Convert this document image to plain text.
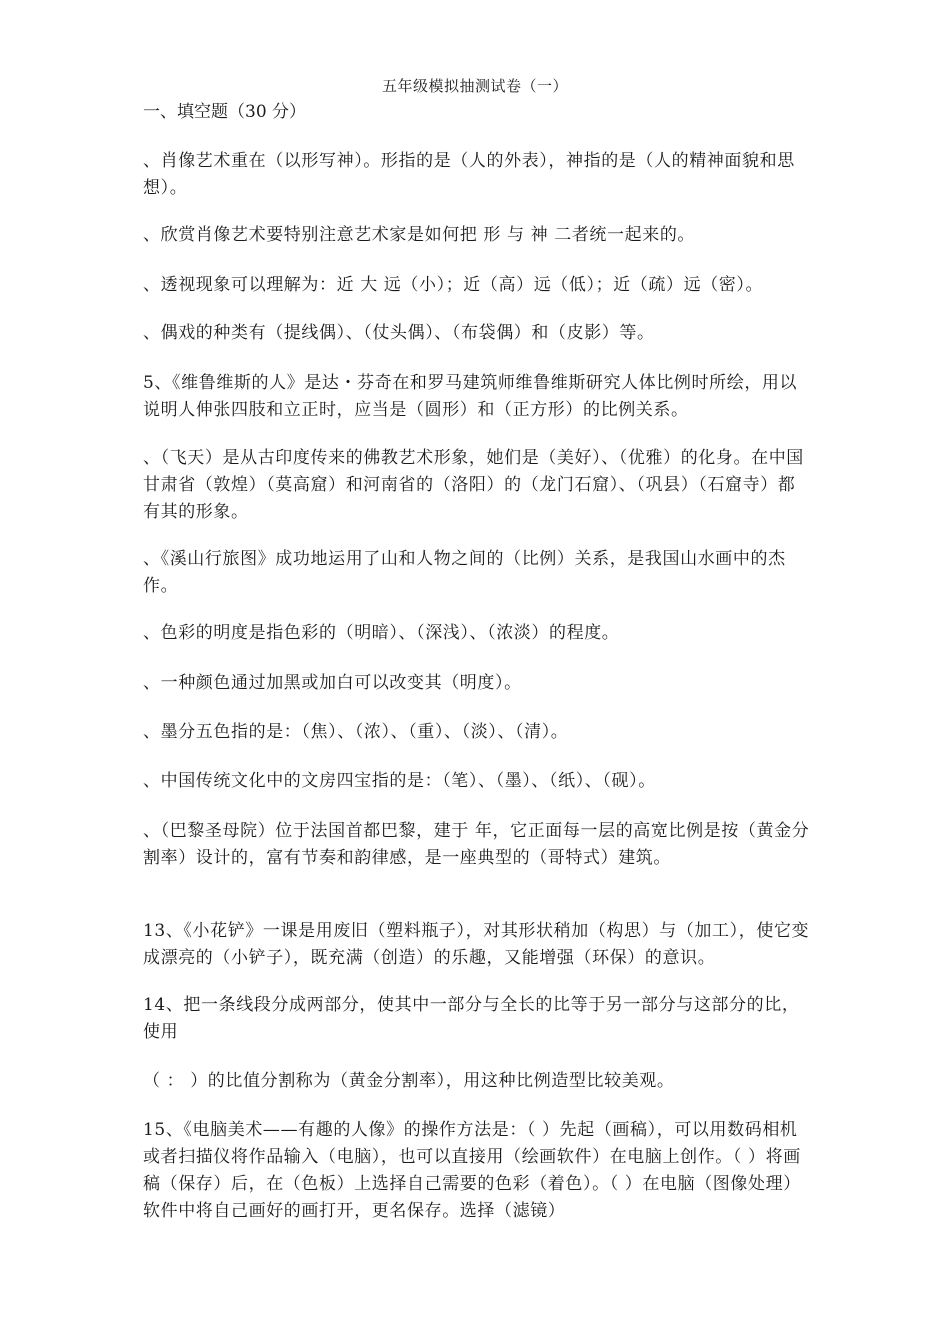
五年级模拟抽测试卷（一）
一、填空题（30 分）
、肖像艺术重在（以形写神）。形指的是（人的外表），神指的是（人的精神面貌和思想）。
、欣赏肖像艺术要特别注意艺术家是如何把 形 与 神 二者统一起来的。
、透视现象可以理解为：近 大 远（小）；近（高）远（低）；近（疏）远（密）。
、偶戏的种类有（提线偶）、（仗头偶）、（布袋偶）和（皮影）等。
5、《维鲁维斯的人》是达・芬奇在和罗马建筑师维鲁维斯研究人体比例时所绘，用以说明人伸张四肢和立正时，应当是（圆形）和（正方形）的比例关系。
、（飞天）是从古印度传来的佛教艺术形象，她们是（美好）、（优雅）的化身。在中国甘肃省（敦煌）（莫高窟）和河南省的（洛阳）的（龙门石窟）、（巩县）（石窟寺）都有其的形象。
、《溪山行旅图》成功地运用了山和人物之间的（比例）关系，是我国山水画中的杰作。
、色彩的明度是指色彩的（明暗）、（深浅）、（浓淡）的程度。
、一种颜色通过加黑或加白可以改变其（明度）。
、墨分五色指的是：（焦）、（浓）、（重）、（淡）、（清）。
、中国传统文化中的文房四宝指的是：（笔）、（墨）、（纸）、（砚）。
、（巴黎圣母院）位于法国首都巴黎，建于 年，它正面每一层的高宽比例是按（黄金分割率）设计的，富有节奏和韵律感，是一座典型的（哥特式）建筑。
13、《小花铲》一课是用废旧（塑料瓶子），对其形状稍加（构思）与（加工），使它变成漂亮的（小铲子），既充满（创造）的乐趣，又能增强（环保）的意识。
14、把一条线段分成两部分，使其中一部分与全长的比等于另一部分与这部分的比，使用
（ ： ）的比值分割称为（黄金分割率），用这种比例造型比较美观。
15、《电脑美术——有趣的人像》的操作方法是：（ ）先起（画稿），可以用数码相机或者扫描仪将作品输入（电脑），也可以直接用（绘画软件）在电脑上创作。（ ）将画稿（保存）后，在（色板）上选择自己需要的色彩（着色）。（ ）在电脑（图像处理）软件中将自己画好的画打开，更名保存。选择（滤镜）
